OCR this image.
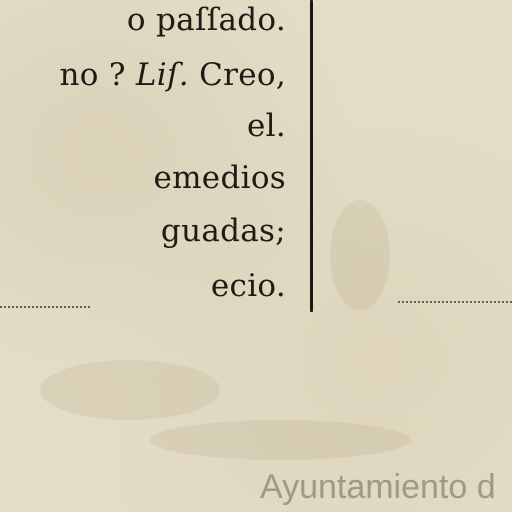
o paſſado.
no ? Liſ. Creo,
el.
emedios
guadas;
ecio.
Ayuntamiento d
